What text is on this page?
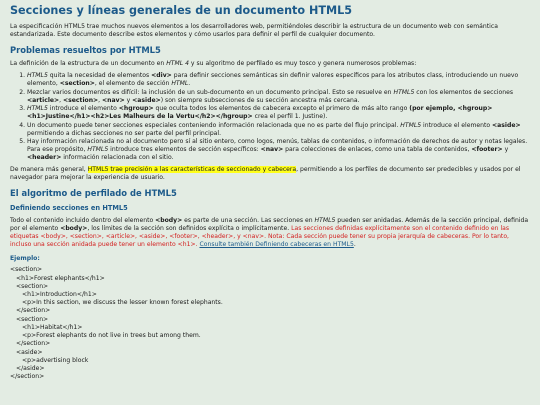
Secciones y líneas generales de un documento HTML5

La especificación HTML5 trae muchos nuevos elementos a los desarrolladores web, permitiéndoles describir la estructura de un documento web con semántica estandarizada. Este documento describe estos elementos y cómo usarlos para definir el perfil de cualquier documento.

Problemas resueltos por HTML5

La definición de la estructura de un documento en HTML 4 y su algoritmo de perfilado es muy tosco y genera numerosos problemas:

1. HTML5 quita la necesidad de elementos <div> para definir secciones semánticas sin definir valores específicos para los atributos class, introduciendo un nuevo elemento, <section>, el elemento de sección HTML.
2. Mezclar varios documentos es difícil: la inclusión de un sub-documento en un documento principal. Esto se resuelve en HTML5 con los elementos de secciones <article>, <section>, <nav> y <aside>) son siempre subsecciones de su sección ancestra más cercana.
3. HTML5 introduce el elemento <hgroup> que oculta todos los elementos de cabecera excepto el primero de más alto rango (por ejemplo, <hgroup><h1>Justine</h1><h2>Les Malheurs de la Vertu</h2></hgroup> crea el perfil 1. Justine).
4. Un documento puede tener secciones especiales conteniendo información relacionada que no es parte del flujo principal. HTML5 introduce el elemento <aside> permitiendo a dichas secciones no ser parte del perfil principal.
5. Hay información relacionada no al documento pero sí al sitio entero, como logos, menús, tablas de contenidos, o información de derechos de autor y notas legales. Para ese propósito, HTML5 introduce tres elementos de sección específicos: <nav> para colecciones de enlaces, como una tabla de contenidos, <footer> y <header> información relacionada con el sitio.

De manera más general, HTML5 trae precisión a las características de seccionado y cabecera, permitiendo a los perfiles de documento ser predecibles y usados por el navegador para mejorar la experiencia de usuario.

El algoritmo de perfilado de HTML5
Definiendo secciones en HTML5

Todo el contenido incluido dentro del elemento <body> es parte de una sección. Las secciones en HTML5 pueden ser anidadas. Además de la sección principal, definida por el elemento <body>, los límites de la sección son definidos explícita o implícitamente. Las secciones definidas explícitamente son el contenido definido en las etiquetas <body>, <section>, <article>, <aside>, <footer>, <header>, y <nav>. Nota: Cada sección puede tener su propia jerarquía de cabeceras. Por lo tanto, incluso una sección anidada puede tener un elemento <h1>. Consulte también Definiendo cabeceras en HTML5.

Ejemplo:
<section>
<h1>Forest elephants</h1>
<section>
<h1>Introduction</h1>
<p>In this section, we discuss the lesser known forest elephants.
</section>
<section>
<h1>Habitat</h1>
<p>Forest elephants do not live in trees but among them.
</section>
<aside>
<p>advertising block
</aside>
</section>
